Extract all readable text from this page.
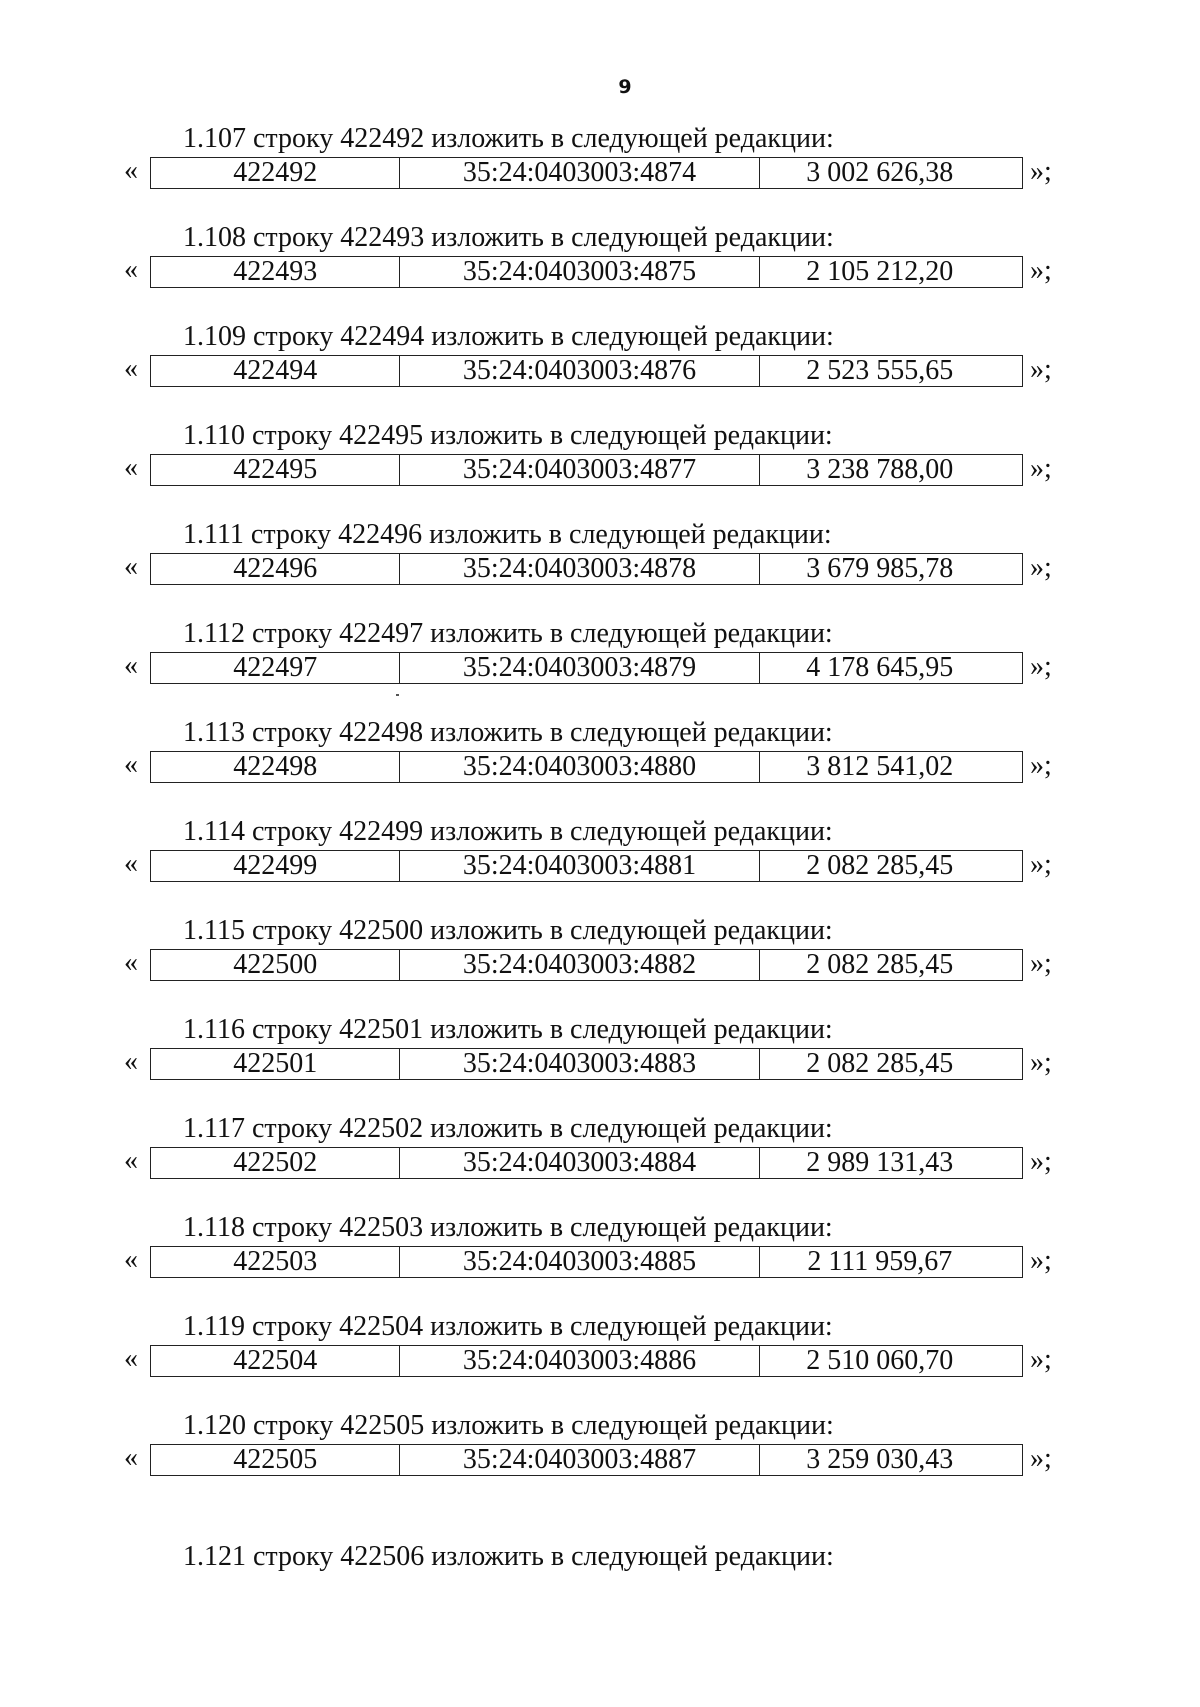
9
1.107 строку 422492 изложить в следующей редакции:
«	422492	35:24:0403003:4874	3 002 626,38	»;
1.108 строку 422493 изложить в следующей редакции:
«	422493	35:24:0403003:4875	2 105 212,20	»;
1.109 строку 422494 изложить в следующей редакции:
«	422494	35:24:0403003:4876	2 523 555,65	»;
1.110 строку 422495 изложить в следующей редакции:
«	422495	35:24:0403003:4877	3 238 788,00	»;
1.111 строку 422496 изложить в следующей редакции:
«	422496	35:24:0403003:4878	3 679 985,78	»;
1.112 строку 422497 изложить в следующей редакции:
«	422497	35:24:0403003:4879	4 178 645,95	»;
1.113 строку 422498 изложить в следующей редакции:
«	422498	35:24:0403003:4880	3 812 541,02	»;
1.114 строку 422499 изложить в следующей редакции:
«	422499	35:24:0403003:4881	2 082 285,45	»;
1.115 строку 422500 изложить в следующей редакции:
«	422500	35:24:0403003:4882	2 082 285,45	»;
1.116 строку 422501 изложить в следующей редакции:
«	422501	35:24:0403003:4883	2 082 285,45	»;
1.117 строку 422502 изложить в следующей редакции:
«	422502	35:24:0403003:4884	2 989 131,43	»;
1.118 строку 422503 изложить в следующей редакции:
«	422503	35:24:0403003:4885	2 111 959,67	»;
1.119 строку 422504 изложить в следующей редакции:
«	422504	35:24:0403003:4886	2 510 060,70	»;
1.120 строку 422505 изложить в следующей редакции:
«	422505	35:24:0403003:4887	3 259 030,43	»;
1.121 строку 422506 изложить в следующей редакции:
